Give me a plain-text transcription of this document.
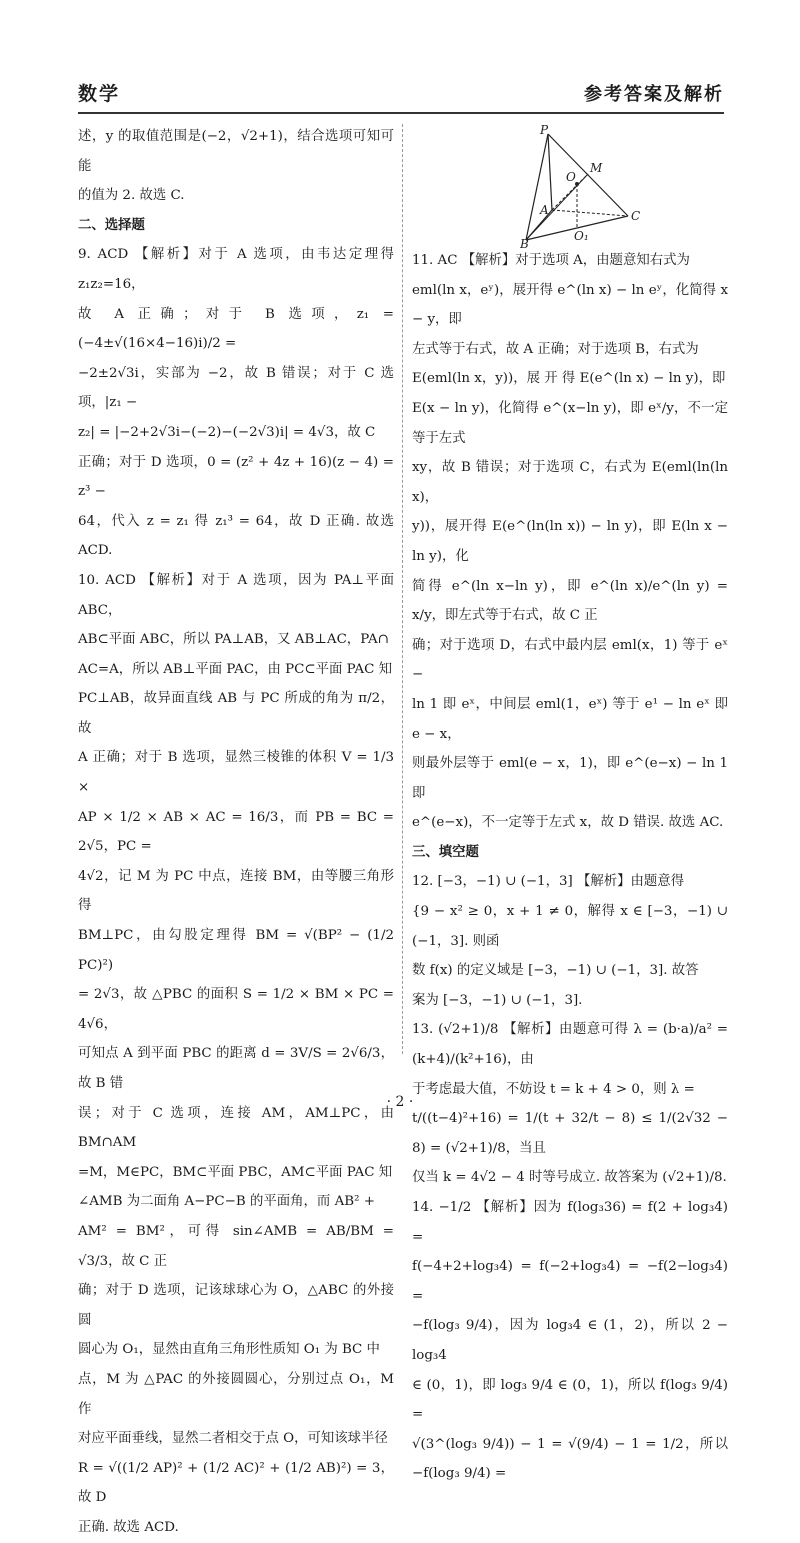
数学	参考答案及解析

述，y 的取值范围是(−2，√2+1)，结合选项可知可能

的值为 2. 故选 C.

二、选择题

9. ACD 【解析】对于 A 选项，由韦达定理得 z₁z₂=16，

故 A 正确；对于 B 选项，z₁ = (−4±√(16×4−16)i)/2 =

−2±2√3i，实部为 −2，故 B 错误；对于 C 选项，|z₁ −

z₂| = |−2+2√3i−(−2)−(−2√3)i| = 4√3，故 C

正确；对于 D 选项，0 = (z² + 4z + 16)(z − 4) = z³ −

64，代入 z = z₁ 得 z₁³ = 64，故 D 正确. 故选 ACD.

10. ACD 【解析】对于 A 选项，因为 PA⊥平面 ABC，

AB⊂平面 ABC，所以 PA⊥AB，又 AB⊥AC，PA∩

AC=A，所以 AB⊥平面 PAC，由 PC⊂平面 PAC 知

PC⊥AB，故异面直线 AB 与 PC 所成的角为 π/2，故

A 正确；对于 B 选项，显然三棱锥的体积 V = 1/3 ×

AP × 1/2 × AB × AC = 16/3，而 PB = BC = 2√5，PC =

4√2，记 M 为 PC 中点，连接 BM，由等腰三角形得

BM⊥PC，由勾股定理得 BM = √(BP² − (1/2 PC)²)

= 2√3，故 △PBC 的面积 S = 1/2 × BM × PC = 4√6，

可知点 A 到平面 PBC 的距离 d = 3V/S = 2√6/3，故 B 错

误；对于 C 选项，连接 AM，AM⊥PC，由 BM∩AM

=M，M∈PC，BM⊂平面 PBC，AM⊂平面 PAC 知

∠AMB 为二面角 A−PC−B 的平面角，而 AB² +

AM² = BM²，可得 sin∠AMB = AB/BM = √3/3，故 C 正

确；对于 D 选项，记该球球心为 O，△ABC 的外接圆

圆心为 O₁，显然由直角三角形性质知 O₁ 为 BC 中

点，M 为 △PAC 的外接圆圆心，分别过点 O₁，M 作

对应平面垂线，显然二者相交于点 O，可知该球半径

R = √((1/2 AP)² + (1/2 AC)² + (1/2 AB)²) = 3，故 D

正确. 故选 ACD.

P
M
O
A	C
B
O₁

11. AC 【解析】对于选项 A，由题意知右式为

eml(ln x，eʸ)，展开得 e^(ln x) − ln eʸ，化简得 x − y，即

左式等于右式，故 A 正确；对于选项 B，右式为

E(eml(ln x，y))，展 开 得 E(e^(ln x) − ln y)，即

E(x − ln y)，化简得 e^(x−ln y)，即 eˣ/y，不一定等于左式

xy，故 B 错误；对于选项 C，右式为 E(eml(ln(ln x)，

y))，展开得 E(e^(ln(ln x)) − ln y)，即 E(ln x − ln y)，化

简得 e^(ln x−ln y)，即 e^(ln x)/e^(ln y) = x/y，即左式等于右式，故 C 正

确；对于选项 D，右式中最内层 eml(x，1) 等于 eˣ −

ln 1 即 eˣ，中间层 eml(1，eˣ) 等于 e¹ − ln eˣ 即 e − x，

则最外层等于 eml(e − x，1)，即 e^(e−x) − ln 1 即

e^(e−x)，不一定等于左式 x，故 D 错误. 故选 AC.

三、填空题

12. [−3，−1) ∪ (−1，3] 【解析】由题意得

{9 − x² ≥ 0，x + 1 ≠ 0，解得 x ∈ [−3，−1) ∪ (−1，3]. 则函

数 f(x) 的定义域是 [−3，−1) ∪ (−1，3]. 故答

案为 [−3，−1) ∪ (−1，3].

13. (√2+1)/8 【解析】由题意可得 λ = (b·a)/a² = (k+4)/(k²+16)，由

于考虑最大值，不妨设 t = k + 4 > 0，则 λ =

t/((t−4)²+16) = 1/(t + 32/t − 8) ≤ 1/(2√32 − 8) = (√2+1)/8，当且

仅当 k = 4√2 − 4 时等号成立. 故答案为 (√2+1)/8.

14. −1/2 【解析】因为 f(log₃36) = f(2 + log₃4) =

f(−4+2+log₃4) = f(−2+log₃4) = −f(2−log₃4) =

−f(log₃ 9/4)，因为 log₃4 ∈ (1，2)，所以 2 − log₃4

∈ (0，1)，即 log₃ 9/4 ∈ (0，1)，所以 f(log₃ 9/4) =

√(3^(log₃ 9/4)) − 1 = √(9/4) − 1 = 1/2，所以 −f(log₃ 9/4) =

· 2 ·
